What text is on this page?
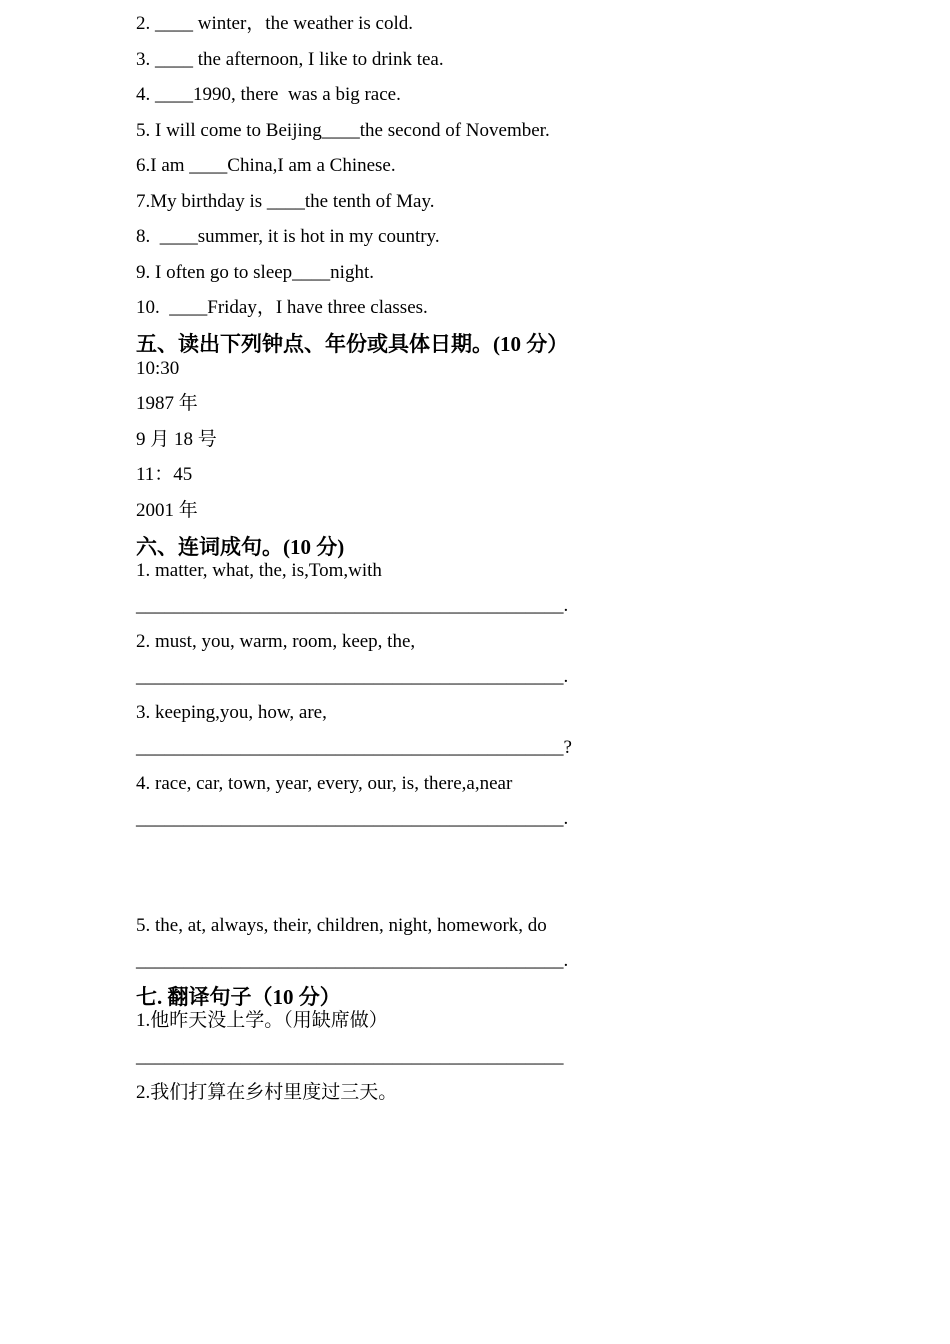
2. ____ winter，the weather is cold.
3. ____ the afternoon, I like to drink tea.
4. ____1990, there  was a big race.
5. I will come to Beijing____the second of November.
6.I am ____China,I am a Chinese.
7.My birthday is ____the tenth of May.
8.  ____summer, it is hot in my country.
9. I often go to sleep____night.
10.  ____Friday，I have three classes.
五、读出下列钟点、年份或具体日期。(10 分）
10:30
1987 年
9 月 18 号
11：45
2001 年
六、连词成句。(10 分)
1. matter, what, the, is,Tom,with
_____________________________________________.
2. must, you, warm, room, keep, the,
_____________________________________________.
3. keeping,you, how, are,
_____________________________________________?
4. race, car, town, year, every, our, is, there,a,near
_____________________________________________.
5. the, at, always, their, children, night, homework, do
_____________________________________________.
七. 翻译句子（10 分）
1.他昨天没上学。（用缺席做）
_____________________________________________
2.我们打算在乡村里度过三天。
